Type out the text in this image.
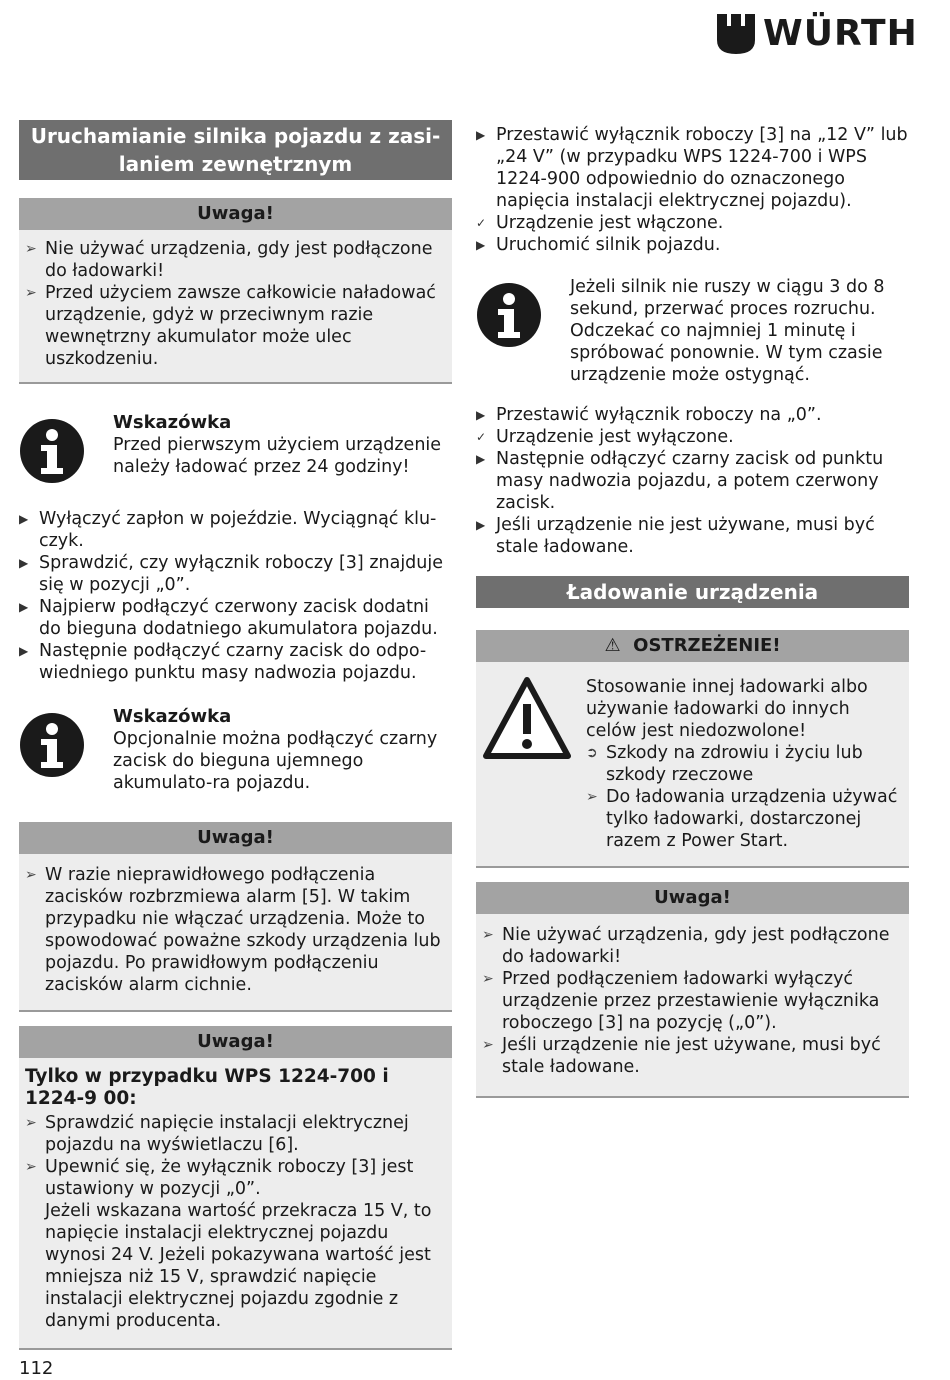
WÜRTH
Uruchamianie silnika pojazdu z zasi-
laniem zewnętrznym
Uwaga!
➢ Nie używać urządzenia, gdy jest podłączone do ładowarki!
➢ Przed użyciem zawsze całkowicie naładować urządzenie, gdyż w przeciwnym razie wewnętrzny akumulator może ulec uszkodzeniu.
Wskazówka
Przed pierwszym użyciem urządzenie należy ładować przez 24 godziny!
▶ Wyłączyć zapłon w pojeździe. Wyciągnąć klu-czyk.
▶ Sprawdzić, czy wyłącznik roboczy [3] znajduje się w pozycji „0”.
▶ Najpierw podłączyć czerwony zacisk dodatni do bieguna dodatniego akumulatora pojazdu.
▶ Następnie podłączyć czarny zacisk do odpo-wiedniego punktu masy nadwozia pojazdu.
Wskazówka
Opcjonalnie można podłączyć czarny zacisk do bieguna ujemnego akumulato-ra pojazdu.
Uwaga!
➢ W razie nieprawidłowego podłączenia zacisków rozbrzmiewa alarm [5]. W takim przypadku nie włączać urządzenia. Może to spowodować poważne szkody urządzenia lub pojazdu. Po prawidłowym podłączeniu zacisków alarm cichnie.
Uwaga!
Tylko w przypadku WPS 1224-700 i 1224-9 00:
➢ Sprawdzić napięcie instalacji elektrycznej pojazdu na wyświetlaczu [6].
➢ Upewnić się, że wyłącznik roboczy [3] jest ustawiony w pozycji „0”.
Jeżeli wskazana wartość przekracza 15 V, to napięcie instalacji elektrycznej pojazdu wynosi 24 V. Jeżeli pokazywana wartość jest mniejsza niż 15 V, sprawdzić napięcie instalacji elektrycznej pojazdu zgodnie z danymi producenta.
▶ Przestawić wyłącznik roboczy [3] na „12 V” lub „24 V” (w przypadku WPS 1224-700 i WPS 1224-900 odpowiednio do oznaczonego napięcia instalacji elektrycznej pojazdu).
✓ Urządzenie jest włączone.
▶ Uruchomić silnik pojazdu.
Jeżeli silnik nie ruszy w ciągu 3 do 8 sekund, przerwać proces rozruchu. Odczekać co najmniej 1 minutę i spróbować ponownie. W tym czasie urządzenie może ostygnąć.
▶ Przestawić wyłącznik roboczy na „0”.
✓ Urządzenie jest wyłączone.
▶ Następnie odłączyć czarny zacisk od punktu masy nadwozia pojazdu, a potem czerwony zacisk.
▶ Jeśli urządzenie nie jest używane, musi być stale ładowane.
Ładowanie urządzenia
⚠ OSTRZEŻENIE!
Stosowanie innej ładowarki albo używanie ładowarki do innych celów jest niedozwolone!
➲ Szkody na zdrowiu i życiu lub szkody rzeczowe
➢ Do ładowania urządzenia używać tylko ładowarki, dostarczonej razem z Power Start.
Uwaga!
➢ Nie używać urządzenia, gdy jest podłączone do ładowarki!
➢ Przed podłączeniem ładowarki wyłączyć urządzenie przez przestawienie wyłącznika roboczego [3] na pozycję („0”).
➢ Jeśli urządzenie nie jest używane, musi być stale ładowane.
112
